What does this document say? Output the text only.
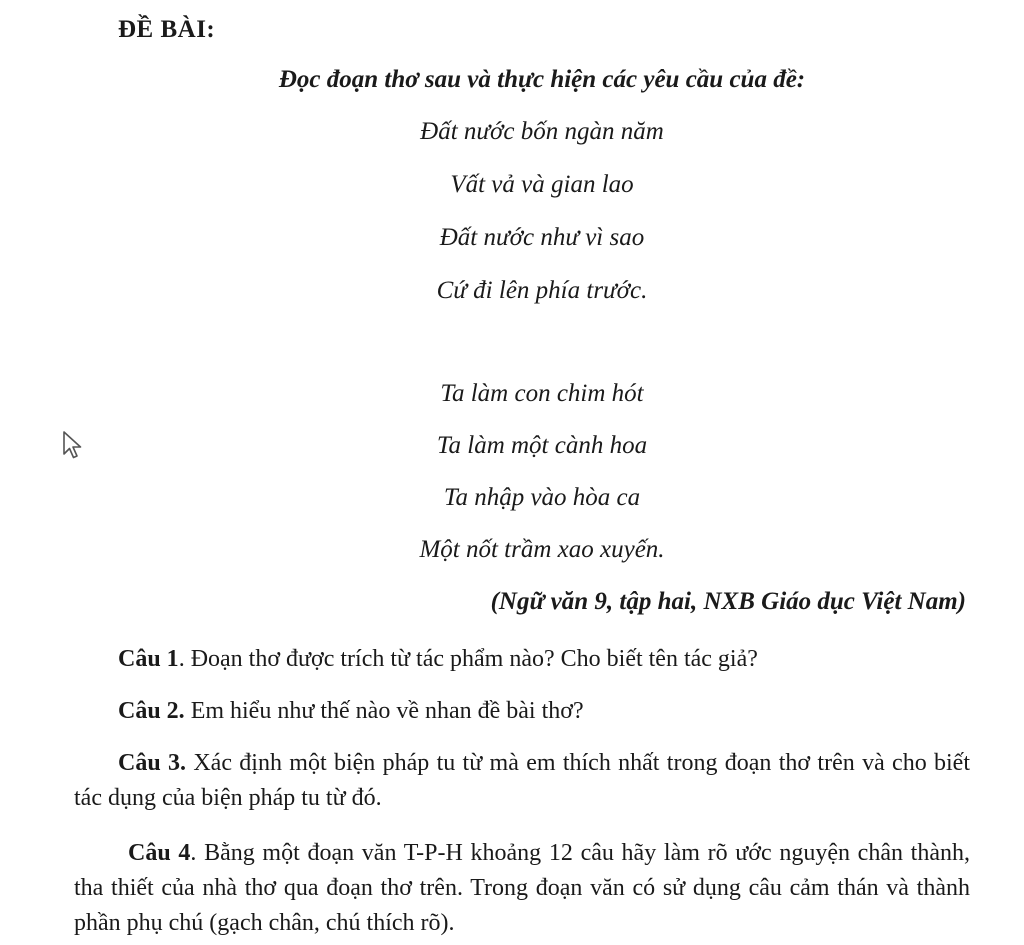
ĐỀ BÀI:
Đọc đoạn thơ sau và thực hiện các yêu cầu của đề:
Đất nước bốn ngàn năm
Vất vả và gian lao
Đất nước như vì sao
Cứ đi lên phía trước.
Ta làm con chim hót
Ta làm một cành hoa
Ta nhập vào hòa ca
Một nốt trầm xao xuyến.
(Ngữ văn 9, tập hai, NXB Giáo dục Việt Nam)
Câu 1. Đoạn thơ được trích từ tác phẩm nào? Cho biết tên tác giả?
Câu 2. Em hiểu như thế nào về nhan đề bài thơ?
Câu 3. Xác định một biện pháp tu từ mà em thích nhất trong đoạn thơ trên và cho biết tác dụng của biện pháp tu từ đó.
Câu 4. Bằng một đoạn văn T-P-H khoảng 12 câu hãy làm rõ ước nguyện chân thành, tha thiết của nhà thơ qua đoạn thơ trên. Trong đoạn văn có sử dụng câu cảm thán và thành phần phụ chú (gạch chân, chú thích rõ).
